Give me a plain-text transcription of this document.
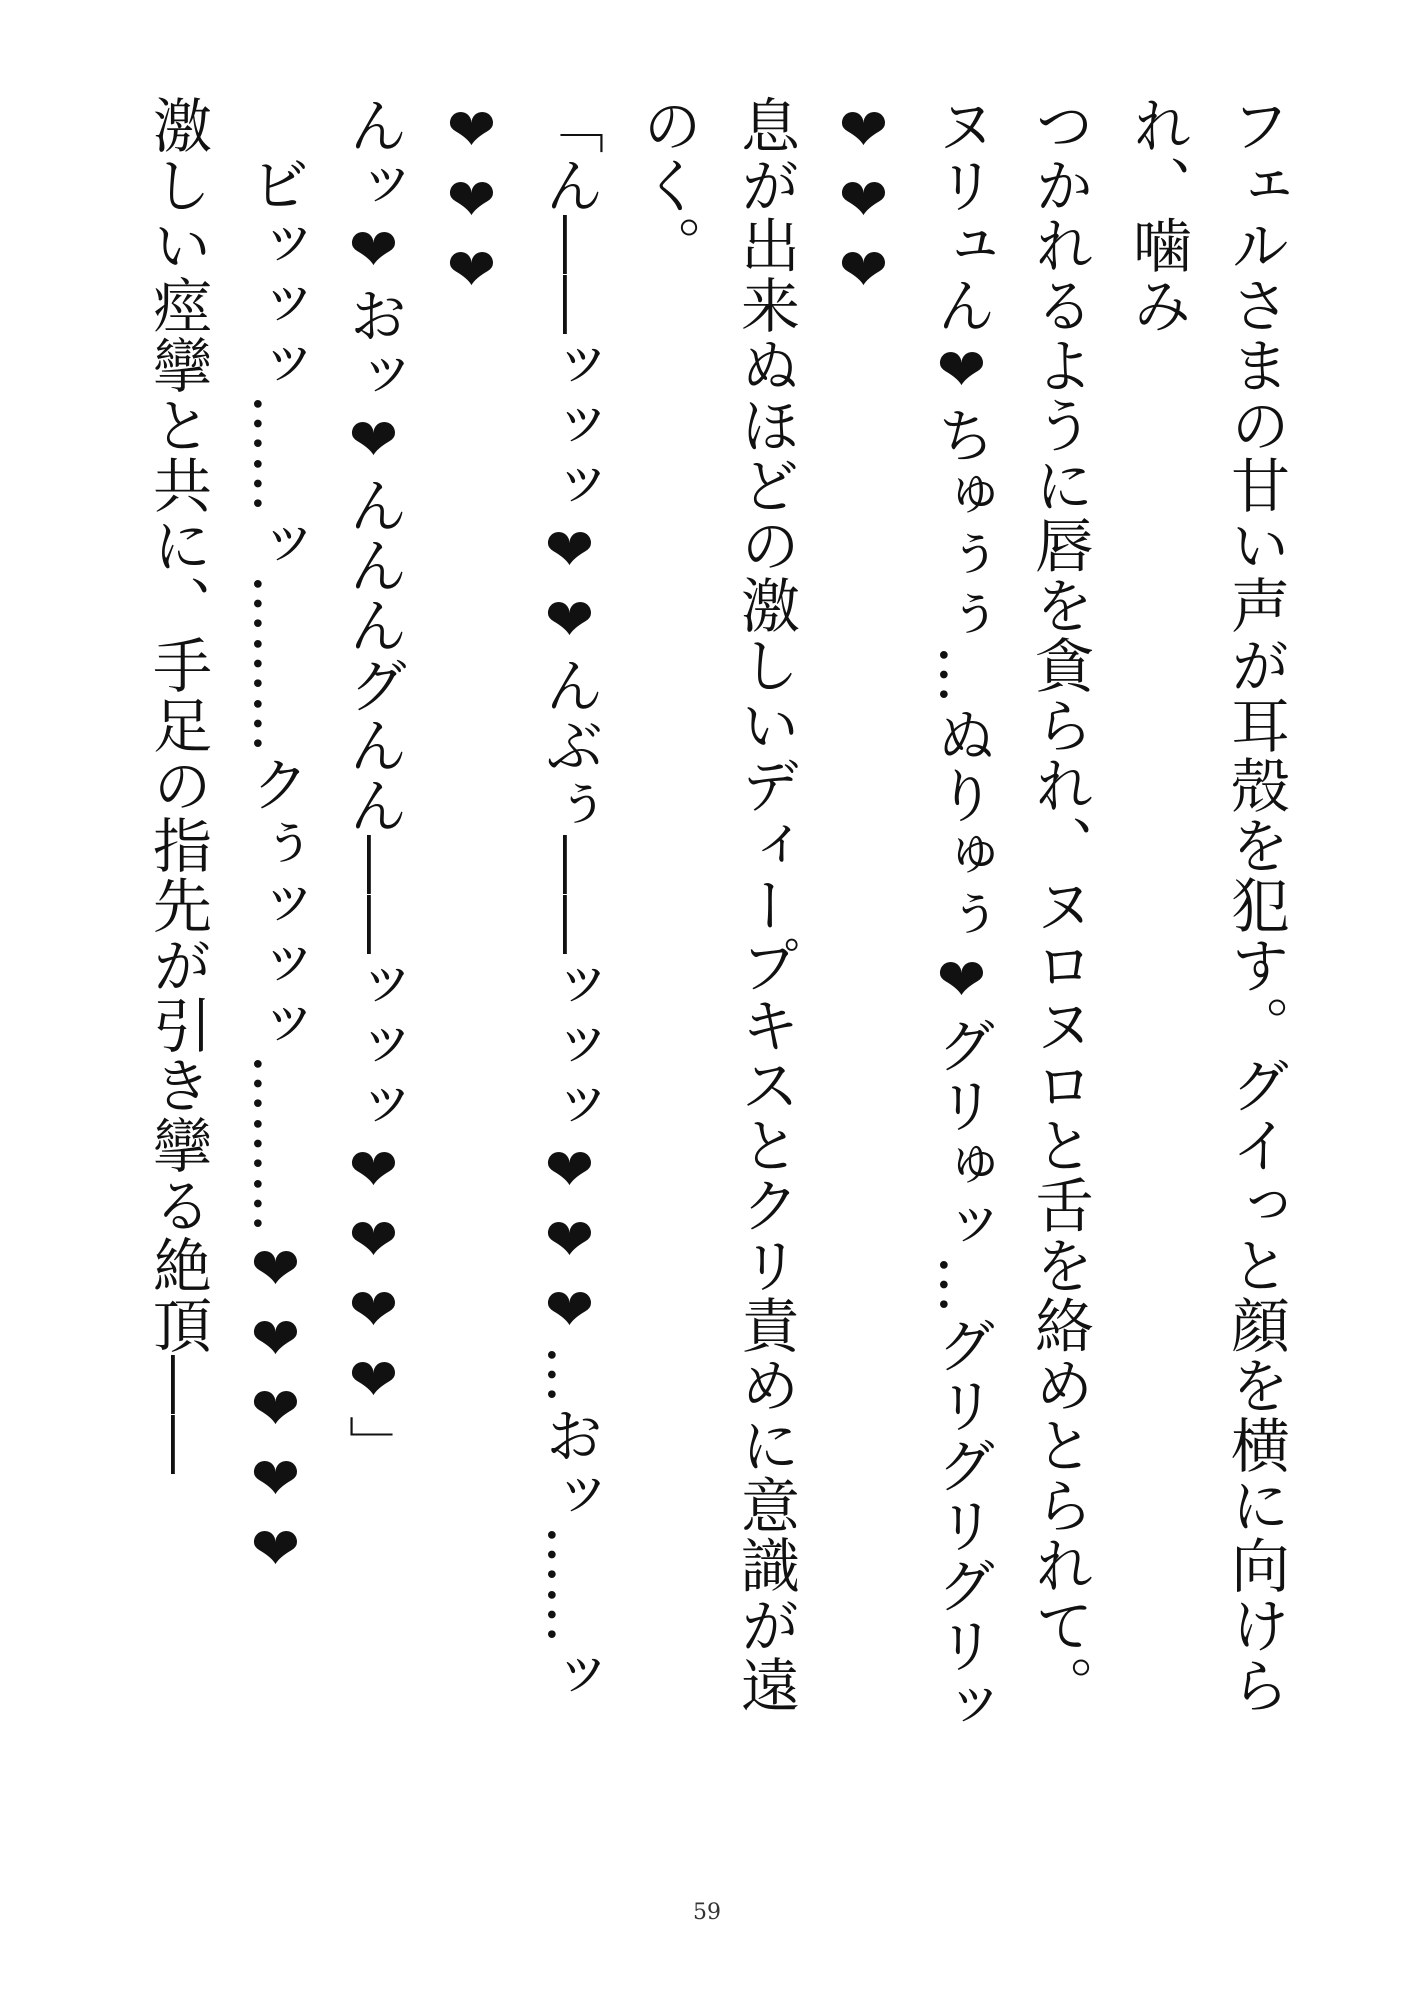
フェルさまの甘い声が耳殻を犯す。グイっと顔を横に向けられ、噛み

つかれるように唇を貪られ、ヌロヌロと舌を絡めとられて。

ヌリュん❤ちゅぅぅ…ぬりゅぅ❤グリゅッ…グリグリグリッ❤❤❤

息が出来ぬほどの激しいディープキスとクリ責めに意識が遠のく。

「ん――ッッッ❤❤んぶぅ――ッッッ❤❤❤…おッ……ッ❤❤❤

んッ❤おッ❤んんんグんん――ッッッ❤❤❤❤」

ビッッッ……ッ………クぅッッッ………❤❤❤❤❤

激しい痙攣と共に、手足の指先が引き攣る絶頂――

59
